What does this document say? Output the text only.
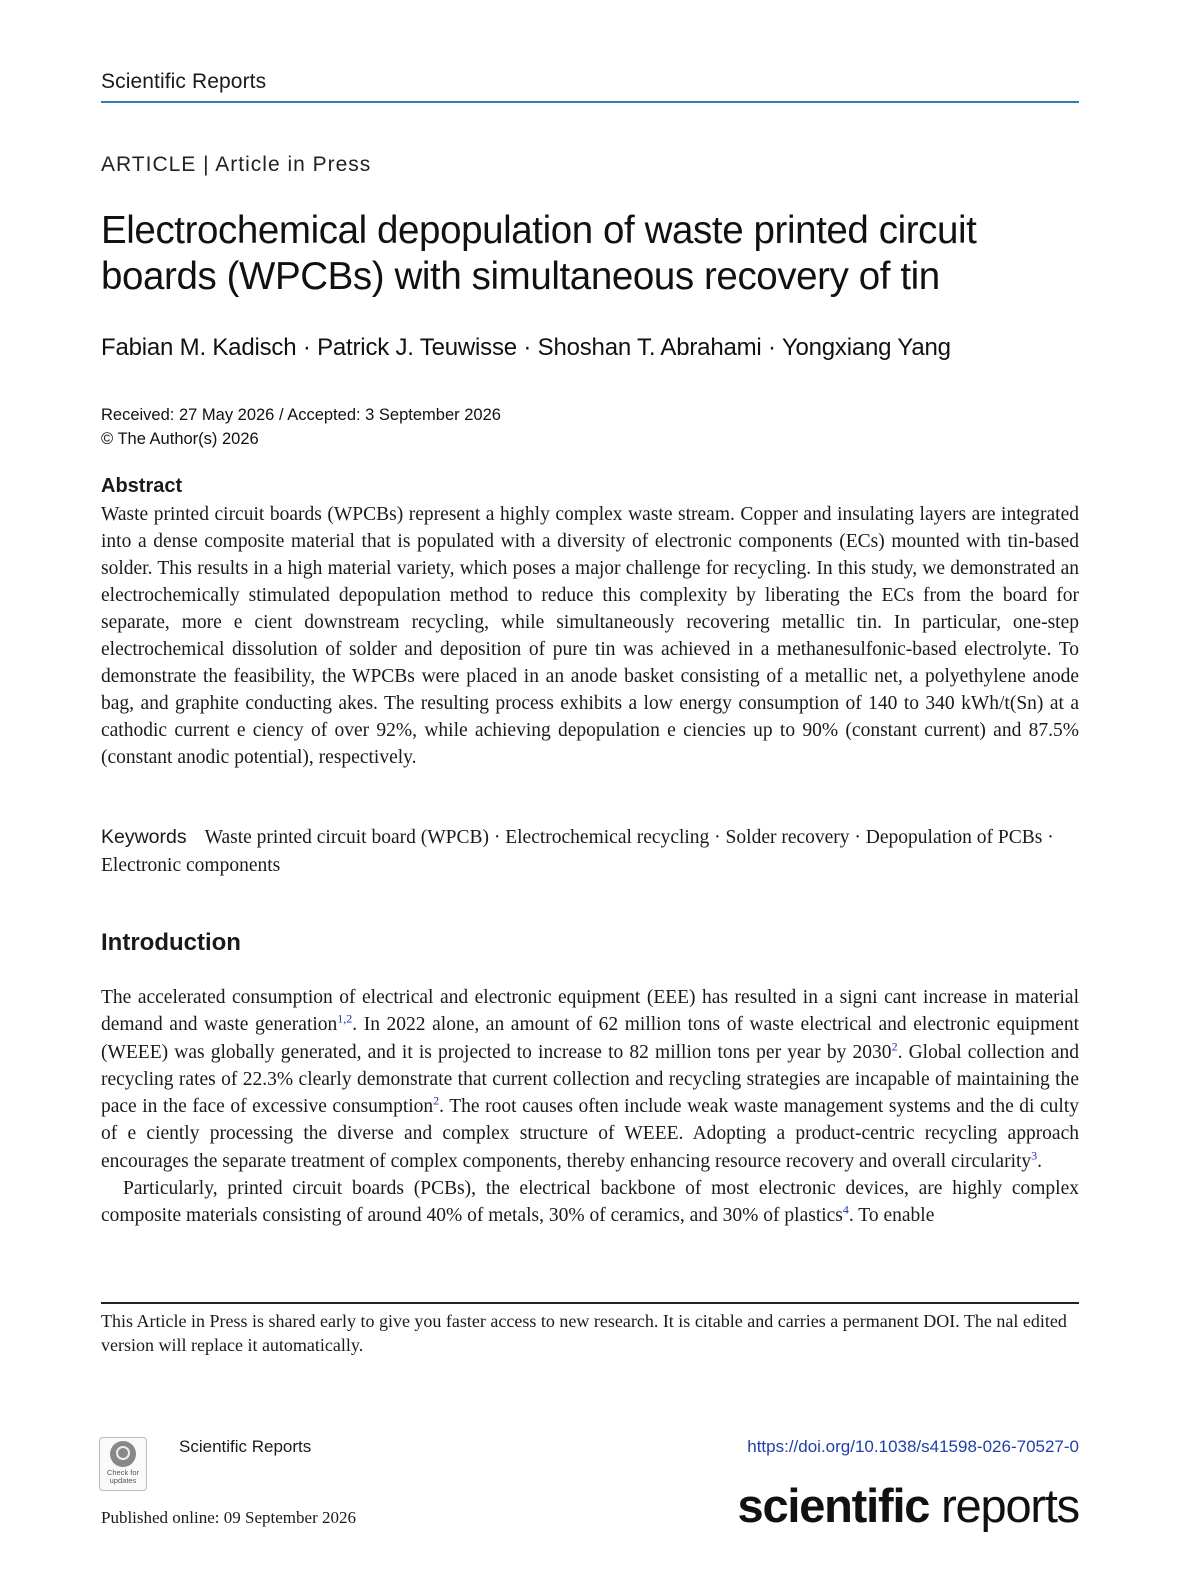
Scientific Reports
ARTICLE | Article in Press
Electrochemical depopulation of waste printed circuit boards (WPCBs) with simultaneous recovery of tin
Fabian M. Kadisch · Patrick J. Teuwisse · Shoshan T. Abrahami · Yongxiang Yang
Received: 27 May 2026 / Accepted: 3 September 2026
© The Author(s) 2026
Abstract

Waste printed circuit boards (WPCBs) represent a highly complex waste stream. Copper and insulating layers are integrated into a dense composite material that is populated with a diversity of electronic components (ECs) mounted with tin-based solder. This results in a high material variety, which poses a major challenge for recycling. In this study, we demonstrated an electrochemically stimulated depopulation method to reduce this complexity by liberating the ECs from the board for separate, more e cient downstream recycling, while simultaneously recovering metallic tin. In particular, one-step electrochemical dissolution of solder and deposition of pure tin was achieved in a methanesulfonic-based electrolyte. To demonstrate the feasibility, the WPCBs were placed in an anode basket consisting of a metallic net, a polyethylene anode bag, and graphite conducting akes. The resulting process exhibits a low energy consumption of 140 to 340 kWh/t(Sn) at a cathodic current e ciency of over 92%, while achieving depopulation e ciencies up to 90% (constant current) and 87.5% (constant anodic potential), respectively.

Keywords Waste printed circuit board (WPCB) · Electrochemical recycling · Solder recovery · Depopulation of PCBs · Electronic components

Introduction

The accelerated consumption of electrical and electronic equipment (EEE) has resulted in a signi cant increase in material demand and waste generation$^{1,2}$. In 2022 alone, an amount of 62 million tons of waste electrical and electronic equipment (WEEE) was globally generated, and it is projected to increase to 82 million tons per year by 2030$^2$. Global collection and recycling rates of 22.3% clearly demonstrate that current collection and recycling strategies are incapable of maintaining the pace in the face of excessive consumption$^2$. The root causes often include weak waste management systems and the di culty of e ciently processing the diverse and complex structure of WEEE. Adopting a product-centric recycling approach encourages the separate treatment of complex components, thereby enhancing resource recovery and overall circularity$^3$.

Particularly, printed circuit boards (PCBs), the electrical backbone of most electronic devices, are highly complex composite materials consisting of around 40% of metals, 30% of ceramics, and 30% of plastics$^4$. To enable

This Article in Press is shared early to give you faster access to new research. It is citable and carries a permanent DOI. The nal edited version will replace it automatically.

Check for updates
Scientific Reports	https://doi.org/10.1038/s41598-026-70527-0
Published online: 09 September 2026	scientific reports
